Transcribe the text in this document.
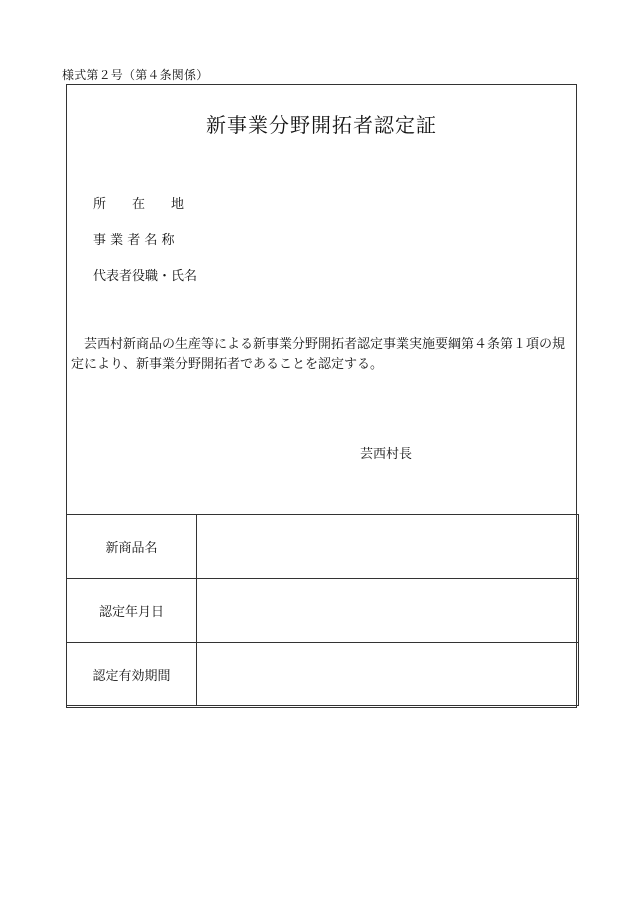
様式第２号（第４条関係）
新事業分野開拓者認定証
所　　在　　地
事 業 者 名 称
代表者役職・氏名
芸西村新商品の生産等による新事業分野開拓者認定事業実施要綱第４条第１項の規定により、新事業分野開拓者であることを認定する。
芸西村長
新商品名	
認定年月日	
認定有効期間	
